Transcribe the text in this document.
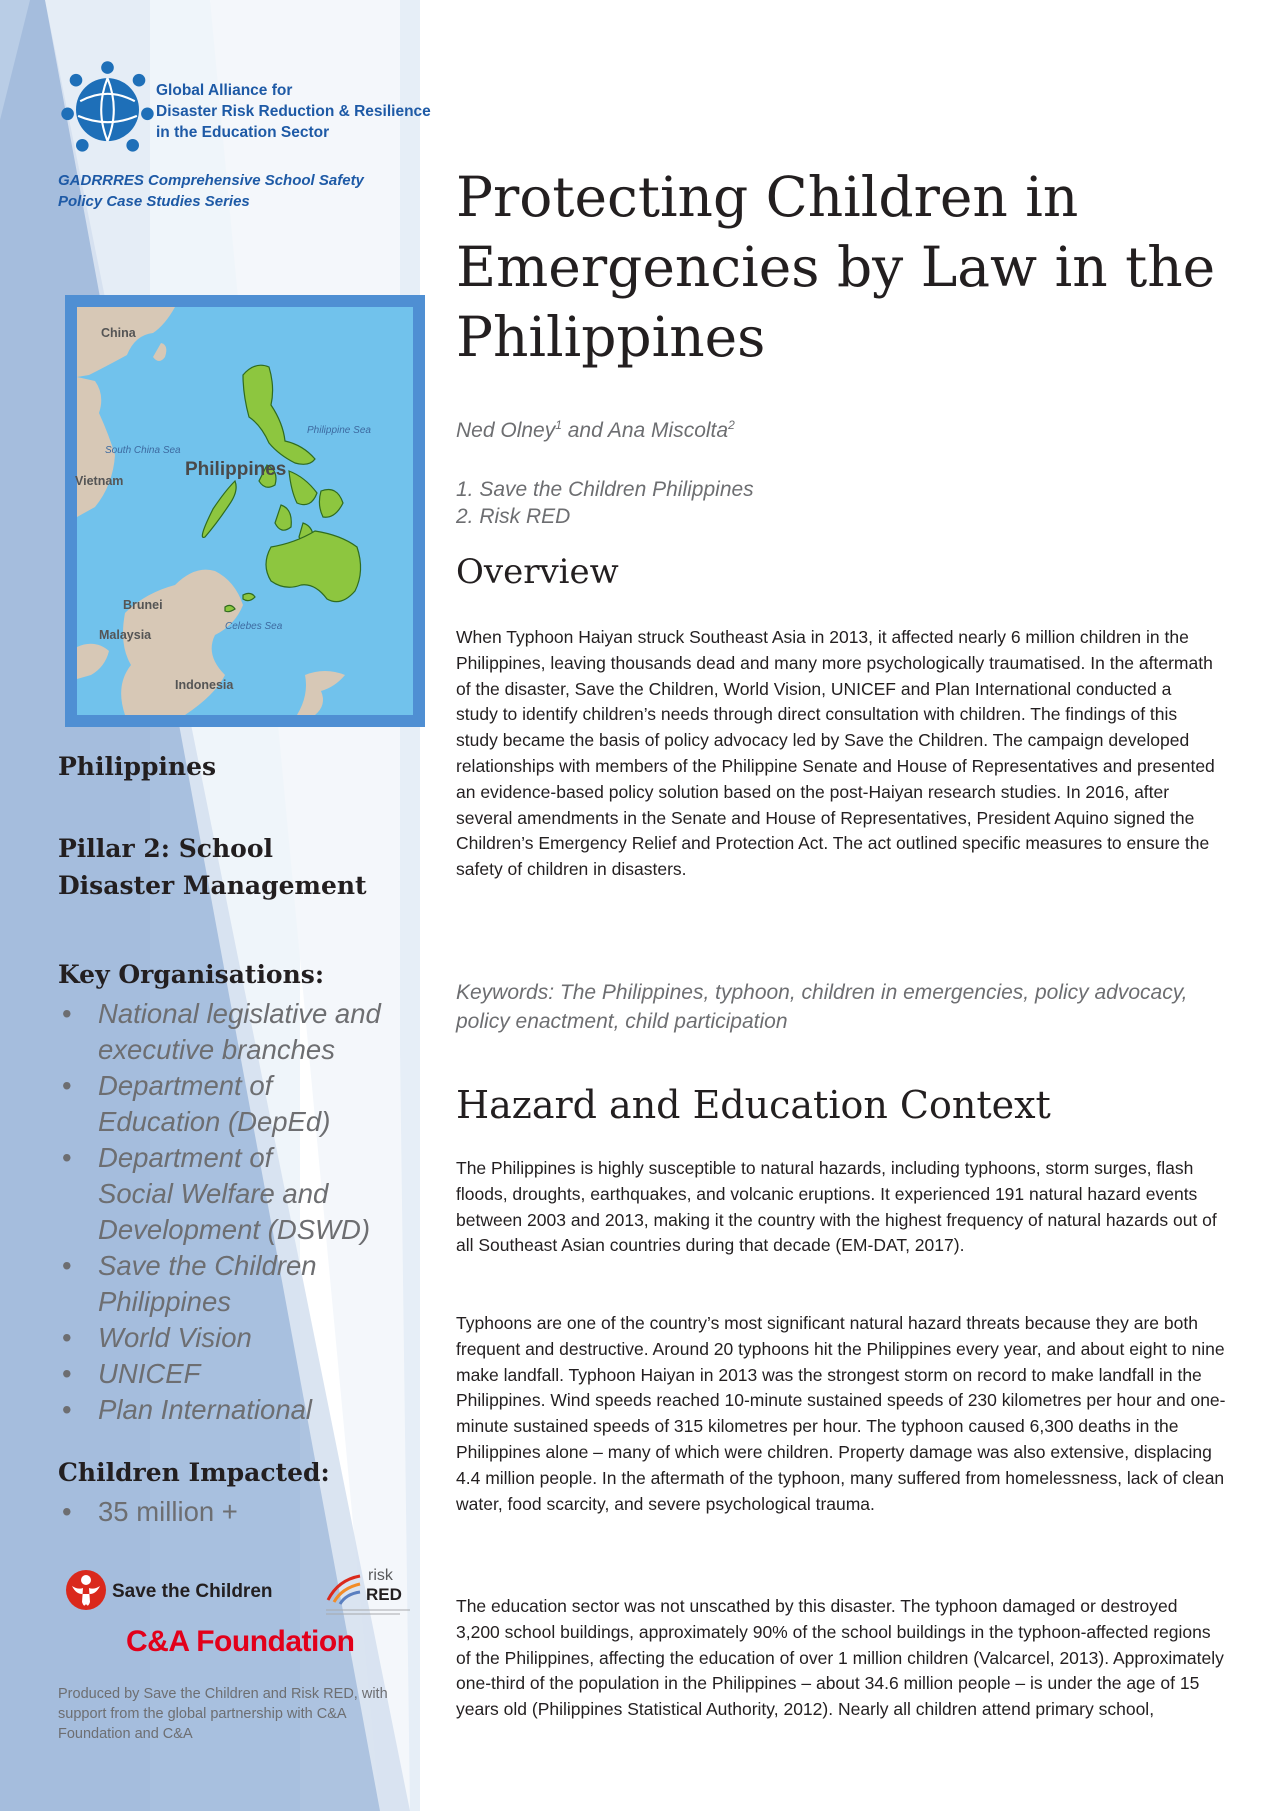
Global Alliance for
Disaster Risk Reduction & Resilience
in the Education Sector
GADRRRES Comprehensive School Safety
Policy Case Studies Series
China
Philippine Sea
South China Sea
Philippines
Vietnam
Brunei
Malaysia
Celebes Sea
Indonesia
Philippines
Pillar 2: School
Disaster Management
Key Organisations:
• National legislative and
executive branches
• Department of
Education (DepEd)
• Department of
Social Welfare and
Development (DSWD)
• Save the Children
Philippines
• World Vision
• UNICEF
• Plan International
Children Impacted:
• 35 million +
Save the Children
risk
RED
C&A Foundation
Produced by Save the Children and Risk RED, with support from the global partnership with C&A Foundation and C&A
Protecting Children in Emergencies by Law in the Philippines
Ned Olney$^1$ and Ana Miscolta$^2$
1. Save the Children Philippines
2. Risk RED
Overview

When Typhoon Haiyan struck Southeast Asia in 2013, it affected nearly 6 million children in the Philippines, leaving thousands dead and many more psychologically traumatised. In the aftermath of the disaster, Save the Children, World Vision, UNICEF and Plan International conducted a study to identify children’s needs through direct consultation with children. The findings of this study became the basis of policy advocacy led by Save the Children. The campaign developed relationships with members of the Philippine Senate and House of Representatives and presented an evidence-based policy solution based on the post-Haiyan research studies. In 2016, after several amendments in the Senate and House of Representatives, President Aquino signed the Children’s Emergency Relief and Protection Act. The act outlined specific measures to ensure the safety of children in disasters.

Keywords: The Philippines, typhoon, children in emergencies, policy advocacy, policy enactment, child participation

Hazard and Education Context

The Philippines is highly susceptible to natural hazards, including typhoons, storm surges, flash floods, droughts, earthquakes, and volcanic eruptions. It experienced 191 natural hazard events between 2003 and 2013, making it the country with the highest frequency of natural hazards out of all Southeast Asian countries during that decade (EM-DAT, 2017).

Typhoons are one of the country’s most significant natural hazard threats because they are both frequent and destructive. Around 20 typhoons hit the Philippines every year, and about eight to nine make landfall. Typhoon Haiyan in 2013 was the strongest storm on record to make landfall in the Philippines. Wind speeds reached 10-minute sustained speeds of 230 kilometres per hour and one-minute sustained speeds of 315 kilometres per hour. The typhoon caused 6,300 deaths in the Philippines alone – many of which were children. Property damage was also extensive, displacing 4.4 million people. In the aftermath of the typhoon, many suffered from homelessness, lack of clean water, food scarcity, and severe psychological trauma.

The education sector was not unscathed by this disaster. The typhoon damaged or destroyed 3,200 school buildings, approximately 90% of the school buildings in the typhoon-affected regions of the Philippines, affecting the education of over 1 million children (Valcarcel, 2013). Approximately one-third of the population in the Philippines – about 34.6 million people – is under the age of 15 years old (Philippines Statistical Authority, 2012). Nearly all children attend primary school,
